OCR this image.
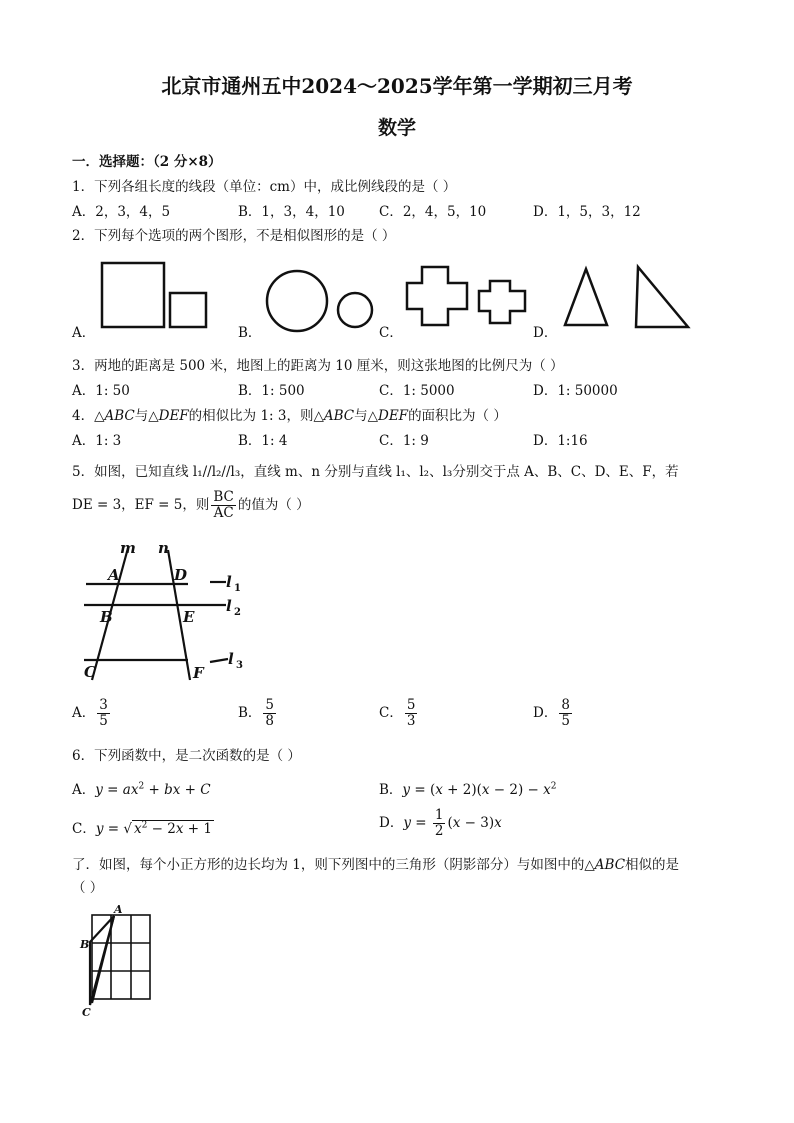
北京市通州五中2024～2025学年第一学期初三月考
数学
一．选择题：（2 分×8）
1．下列各组长度的线段（单位：cm）中，成比例线段的是（ ）
A．2，3，4，5	B．1，3，4，10	C．2，4，5，10	D．1，5，3，12
2．下列每个选项的两个图形，不是相似图形的是（ ）
A．	B．	C．	D．
3．两地的距离是 500 米，地图上的距离为 10 厘米，则这张地图的比例尺为（ ）
A．1: 50	B．1: 500	C．1: 5000	D．1: 50000
4．△ABC与△DEF的相似比为 1: 3，则△ABC与△DEF的面积比为（ ）
A．1: 3	B．1: 4	C．1: 9	D．1:16
5．如图，已知直线 l₁//l₂//l₃，直线 m、n 分别与直线 l₁、l₂、l₃分别交于点 A、B、C、D、E、F，若
DE = 3，EF = 5，则 $\frac{BC}{AC}$ 的值为（ ）
m n
A	D
B	E
C	F
l 1
l 2
l 3
A． $\frac{3}{5}$	B． $\frac{5}{8}$	C． $\frac{5}{3}$	D． $\frac{8}{5}$
6．下列函数中，是二次函数的是（ ）
A．$y = ax^2$ + bx + C	B．$y = (x + 2)(x - 2) - x^2$
C．y = √ $x^2 - 2x + 1$	D．$y = \frac{1}{2} (x - 3)x$
了．如图，每个小正方形的边长均为 1，则下列图中的三角形（阴影部分）与如图中的△ABC相似的是
（ ）
A
B
C
